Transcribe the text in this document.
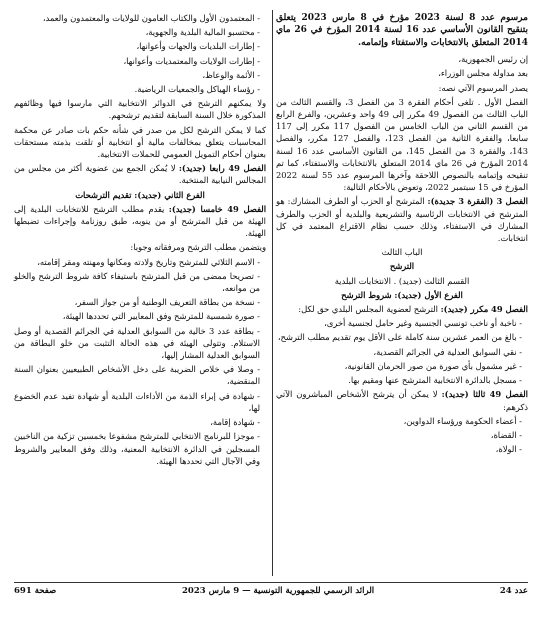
مرسوم عدد 8 لسنة 2023 مؤرخ في 8 مارس 2023 يتعلق بتنقيح القانون الأساسي عدد 16 لسنة 2014 المؤرخ في 26 ماي 2014 المتعلق بالانتخابات والاستفتاء وإتمامه.

إن رئيس الجمهورية،

بعد مداولة مجلس الوزراء،

يصدر المرسوم الآتي نصه:

الفصل الأول . تلغى أحكام الفقرة 3 من الفصل 3، والقسم الثالث من الباب الثالث من الفصول 49 مكرر إلى 49 واحد وعشرين، والفرع الرابع من القسم الثاني من الباب الخامس من الفصول 117 مكرر إلى 117 سابعا، والفقرة الثانية من الفصل 123، والفصل 127 مكرر، والفصل 143، والفقرة 3 من الفصل 145، من القانون الأساسي عدد 16 لسنة 2014 المؤرخ في 26 ماي 2014 المتعلق بالانتخابات والاستفتاء، كما تم تنقيحه وإتمامه بالنصوص اللاحقة وآخرها المرسوم عدد 55 لسنة 2022 المؤرخ في 15 سبتمبر 2022، وتعوض بالأحكام التالية:

الفصل 3 (الفقرة 3 جديدة): المترشح أو الحزب أو الطرف المشارك: هو المترشح في الانتخابات الرئاسية والتشريعية والبلدية أو الحزب والطرف المشارك في الاستفتاء، وذلك حسب نظام الاقتراع المعتمد في كل انتخابات.

الباب الثالث

الترشح

القسم الثالث (جديد) . الانتخابات البلدية

الفرع الأول (جديد): شروط الترشح

الفصل 49 مكرر (جديد): الترشح لعضوية المجلس البلدي حق لكل:

- ناخبة أو ناخب تونسي الجنسية وغير حامل لجنسية أخرى،

- بالغ من العمر عشرين سنة كاملة على الأقل يوم تقديم مطلب الترشح،

- نقي السوابق العدلية في الجرائم القصدية،

- غير مشمول بأي صورة من صور الحرمان القانونية،

- مسجل بالدائرة الانتخابية المترشح عنها ومقيم بها.

الفصل 49 ثالثا (جديد): لا يمكن أن يترشح الأشخاص المباشرون الآتي ذكرهم:

- أعضاء الحكومة ورؤساء الدواوين،

- القضاة،

- الولاة،

- المعتمدون الأول والكتاب العامون للولايات والمعتمدون والعمد،

- محتسبو المالية البلدية والجهوية،

- إطارات البلديات والجهات وأعوانها،

- إطارات الولايات والمعتمديات وأعوانها،

- الأئمة والوعاظ،

- رؤساء الهياكل والجمعيات الرياضية.

ولا يمكنهم الترشح في الدوائر الانتخابية التي مارسوا فيها وظائفهم المذكورة خلال السنة السابقة لتقديم ترشحهم.

كما لا يمكن الترشح لكل من صدر في شأنه حكم بات صادر عن محكمة المحاسبات يتعلق بمخالفات مالية أو انتخابية أو تلقت بذمته مستحقات بعنوان أحكام التمويل العمومي للحملات الانتخابية.

الفصل 49 رابعا (جديد): لا يُمكن الجمع بين عضوية أكثر من مجلس من المجالس النيابية المنتخبة.

الفرع الثاني (جديد): تقديم الترشحات

الفصل 49 خامسا (جديد): يقدم مطلب الترشح للانتخابات البلدية إلى الهيئة من قبل المترشح أو من ينوبه، طبق روزنامة وإجراءات تضبطها الهيئة.

ويتضمن مطلب الترشح ومرفقاته وجوبا:

- الاسم الثلاثي للمترشح وتاريخ ولادته ومكانها ومهنته ومقر إقامته،

- تصريحا ممضى من قبل المترشح باستيفاء كافة شروط الترشح والخلو من موانعه،

- نسخة من بطاقة التعريف الوطنية أو من جواز السفر،

- صورة شمسية للمترشح وفق المعايير التي تحددها الهيئة،

- بطاقة عدد 3 خالية من السوابق العدلية في الجرائم القصدية أو وصل الاستلام. وتتولى الهيئة في هذه الحالة التثبت من خلو البطاقة من السوابق العدلية المشار إليها،

- وصلا في خلاص الضريبة على دخل الأشخاص الطبيعيين بعنوان السنة المنقضية،

- شهادة في إبراء الذمة من الأداءات البلدية أو شهادة تفيد عدم الخضوع لها،

- شهادة إقامة،

- موجزا للبرنامج الانتخابي للمترشح مشفوعا بخمسين تزكية من الناخبين المسجلين في الدائرة الانتخابية المعنية، وذلك وفق المعايير والشروط وفي الآجال التي تحددها الهيئة.

عدد 24
الرائد الرسمي للجمهورية التونسية — 9 مارس 2023
صفحة 691
